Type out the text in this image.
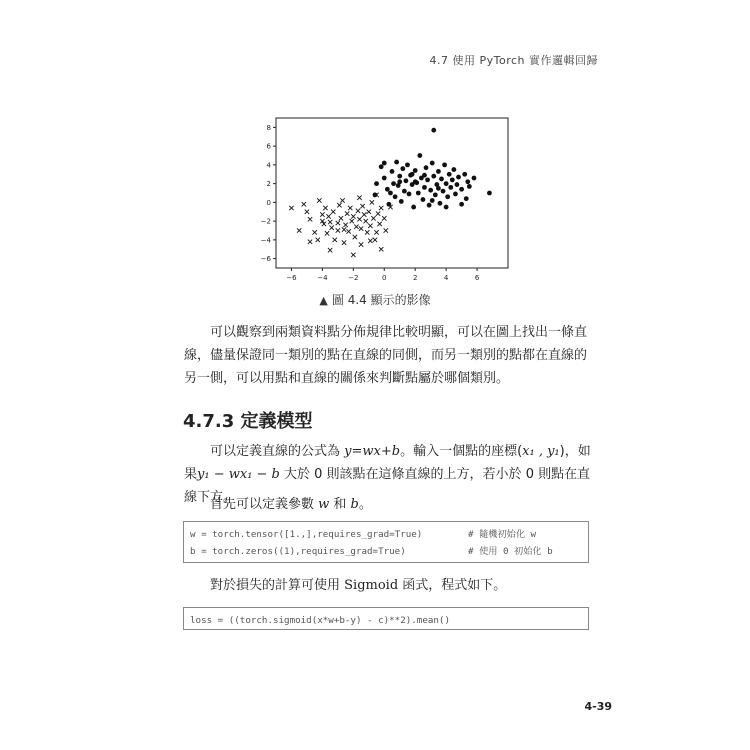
4.7 使用 PyTorch 實作邏輯回歸
−6	−4	−2	0	2	4	6
−6
−4
−2
0
2
4
6
8
▲ 圖 4.4 顯示的影像
可以觀察到兩類資料點分佈規律比較明顯，可以在圖上找出一條直線，儘量保證同一類別的點在直線的同側，而另一類別的點都在直線的另一側，可以用點和直線的關係來判斷點屬於哪個類別。
4.7.3 定義模型
可以定義直線的公式為 y=wx+b。輸入一個點的座標(x₁ , y₁)，如果y₁ − wx₁ − b 大於 0 則該點在這條直線的上方，若小於 0 則點在直線下方。
首先可以定義參數 w 和 b。
w = torch.tensor([1.,],requires_grad=True)	# 隨機初始化 w
b = torch.zeros((1),requires_grad=True)	# 使用 0 初始化 b
對於損失的計算可使用 Sigmoid 函式，程式如下。
loss = ((torch.sigmoid(x*w+b-y) - c)**2).mean()
4-39
